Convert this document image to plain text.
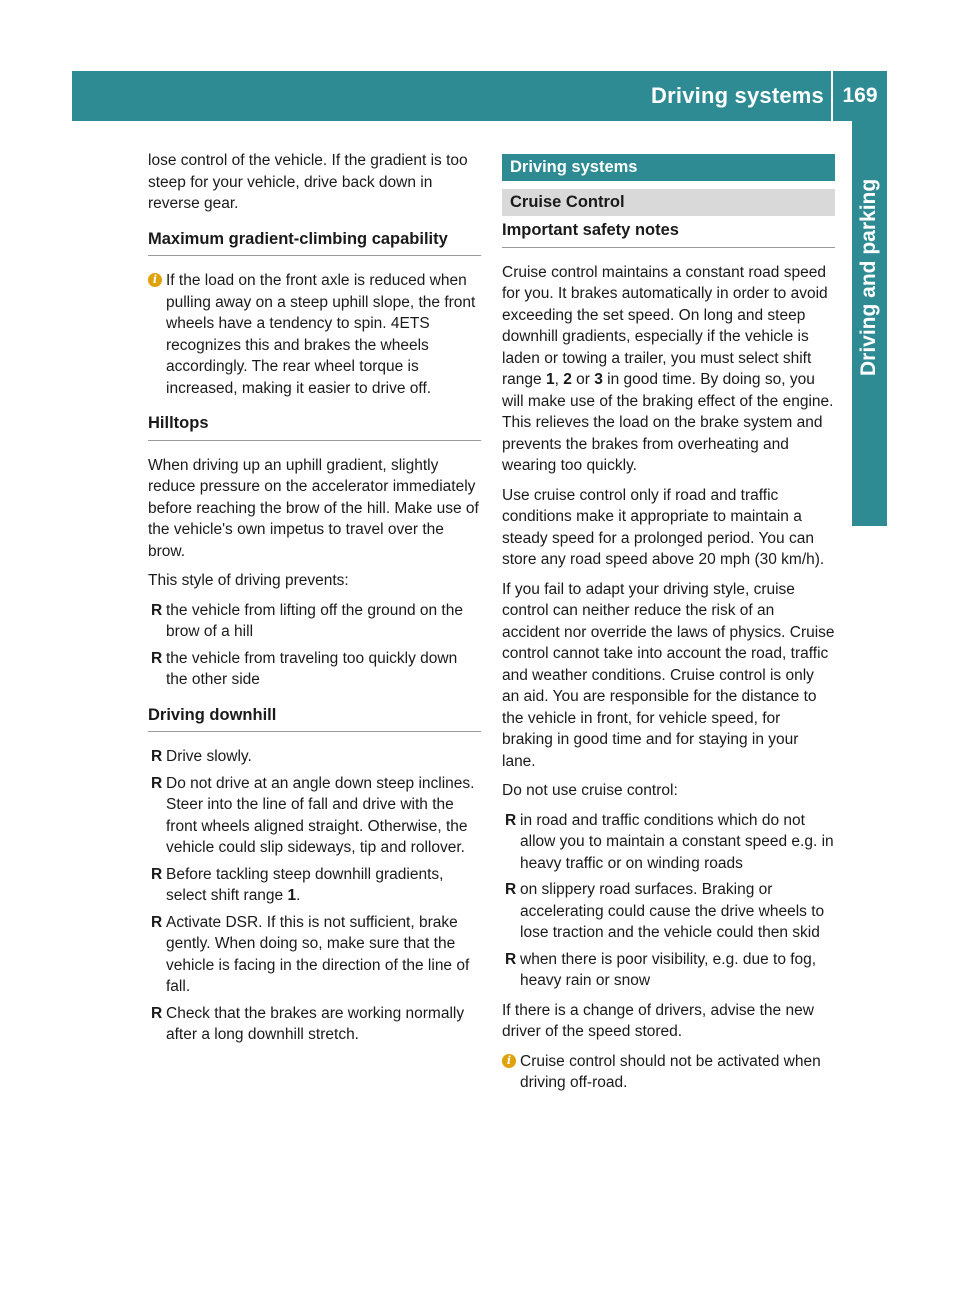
Driving systems 169
Driving and parking

lose control of the vehicle. If the gradient is too steep for your vehicle, drive back down in reverse gear.

Maximum gradient-climbing capability
i If the load on the front axle is reduced when pulling away on a steep uphill slope, the front wheels have a tendency to spin. 4ETS recognizes this and brakes the wheels accordingly. The rear wheel torque is increased, making it easier to drive off.
Hilltops

When driving up an uphill gradient, slightly reduce pressure on the accelerator immediately before reaching the brow of the hill. Make use of the vehicle's own impetus to travel over the brow.

This style of driving prevents:

R the vehicle from lifting off the ground on the brow of a hill
R the vehicle from traveling too quickly down the other side
Driving downhill
R Drive slowly.
R Do not drive at an angle down steep inclines. Steer into the line of fall and drive with the front wheels aligned straight. Otherwise, the vehicle could slip sideways, tip and rollover.
R Before tackling steep downhill gradients, select shift range 1.
R Activate DSR. If this is not sufficient, brake gently. When doing so, make sure that the vehicle is facing in the direction of the line of fall.
R Check that the brakes are working normally after a long downhill stretch.
Driving systems
Cruise Control
Important safety notes

Cruise control maintains a constant road speed for you. It brakes automatically in order to avoid exceeding the set speed. On long and steep downhill gradients, especially if the vehicle is laden or towing a trailer, you must select shift range 1, 2 or 3 in good time. By doing so, you will make use of the braking effect of the engine. This relieves the load on the brake system and prevents the brakes from overheating and wearing too quickly.

Use cruise control only if road and traffic conditions make it appropriate to maintain a steady speed for a prolonged period. You can store any road speed above 20 mph (30 km/h).

If you fail to adapt your driving style, cruise control can neither reduce the risk of an accident nor override the laws of physics. Cruise control cannot take into account the road, traffic and weather conditions. Cruise control is only an aid. You are responsible for the distance to the vehicle in front, for vehicle speed, for braking in good time and for staying in your lane.

Do not use cruise control:

R in road and traffic conditions which do not allow you to maintain a constant speed e.g. in heavy traffic or on winding roads
R on slippery road surfaces. Braking or accelerating could cause the drive wheels to lose traction and the vehicle could then skid
R when there is poor visibility, e.g. due to fog, heavy rain or snow

If there is a change of drivers, advise the new driver of the speed stored.

i Cruise control should not be activated when driving off-road.
